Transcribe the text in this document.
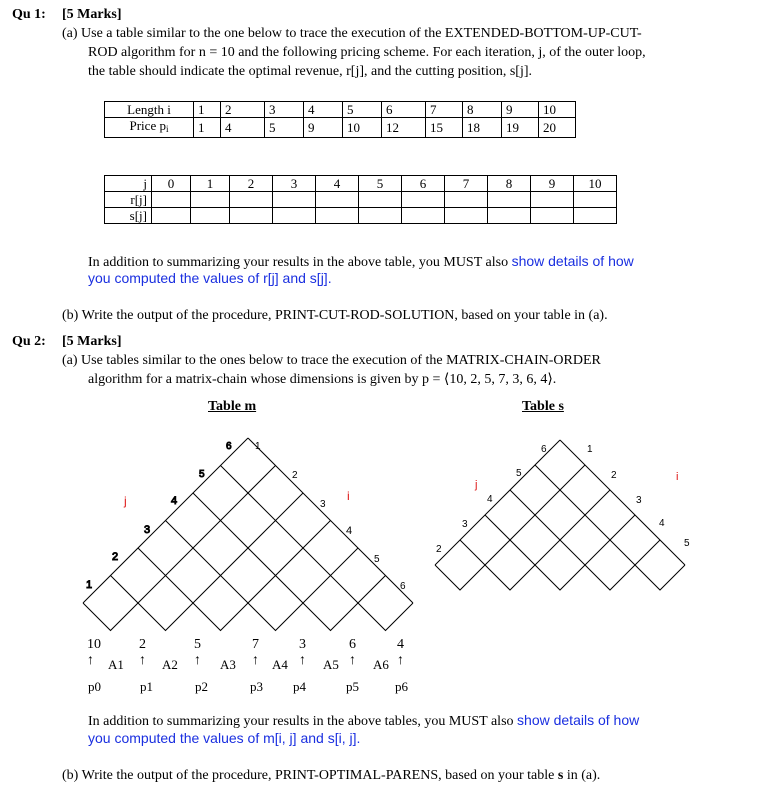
Qu 1: [5 Marks]
(a) Use a table similar to the one below to trace the execution of the EXTENDED-BOTTOM-UP-CUT-
ROD algorithm for n = 10 and the following pricing scheme. For each iteration, j, of the outer loop,
the table should indicate the optimal revenue, r[j], and the cutting position, s[j].
Length i	1	2	3	4	5	6	7	8	9	10
Price $p_i$	1	4	5	9	10	12	15	18	19	20
j	0	1	2	3	4	5	6	7	8	9	10
r[j]											
s[j]											
In addition to summarizing your results in the above table, you MUST also show details of how
you computed the values of r[j] and s[j].
(b) Write the output of the procedure, PRINT-CUT-ROD-SOLUTION, based on your table in (a).
Qu 2: [5 Marks]
(a) Use tables similar to the ones below to trace the execution of the MATRIX-CHAIN-ORDER
algorithm for a matrix-chain whose dimensions is given by p = ⟨10, 2, 5, 7, 3, 6, 4⟩.
Table m	Table s
6
5
4
3
2
1
1
2
3
4
5
6
j	i
10	2	5	7	3	6	4
↑	↑	↑	↑	↑	↑	↑
A1	A2	A3	A4	A5	A6
p0	p1	p2	p3 p4	p5	p6
6
5
4
3
2
1
2
3
4
5
j
i
In addition to summarizing your results in the above tables, you MUST also show details of how
you computed the values of m[i, j] and s[i, j].
(b) Write the output of the procedure, PRINT-OPTIMAL-PARENS, based on your table s in (a).
